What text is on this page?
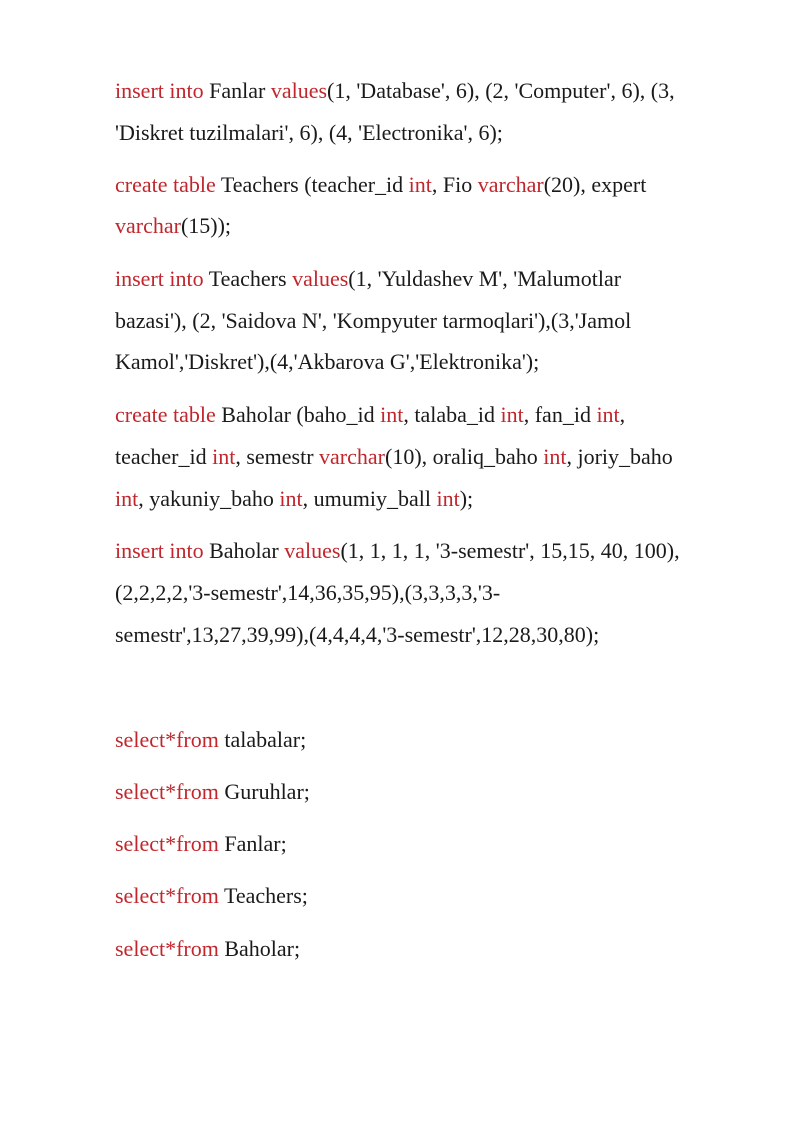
insert into Fanlar values(1, 'Database', 6), (2, 'Computer', 6), (3,
'Diskret tuzilmalari', 6), (4, 'Electronika', 6);
create table Teachers (teacher_id int, Fio varchar(20), expert
varchar(15));
insert into Teachers values(1, 'Yuldashev M', 'Malumotlar
bazasi'), (2, 'Saidova N', 'Kompyuter tarmoqlari'),(3,'Jamol
Kamol','Diskret'),(4,'Akbarova G','Elektronika');
create table Baholar (baho_id int, talaba_id int, fan_id int,
teacher_id int, semestr varchar(10), oraliq_baho int, joriy_baho
int, yakuniy_baho int, umumiy_ball int);
insert into Baholar values(1, 1, 1, 1, '3-semestr', 15,15, 40, 100),
(2,2,2,2,'3-semestr',14,36,35,95),(3,3,3,3,'3-
semestr',13,27,39,99),(4,4,4,4,'3-semestr',12,28,30,80);
select*from talabalar;
select*from Guruhlar;
select*from Fanlar;
select*from Teachers;
select*from Baholar;
